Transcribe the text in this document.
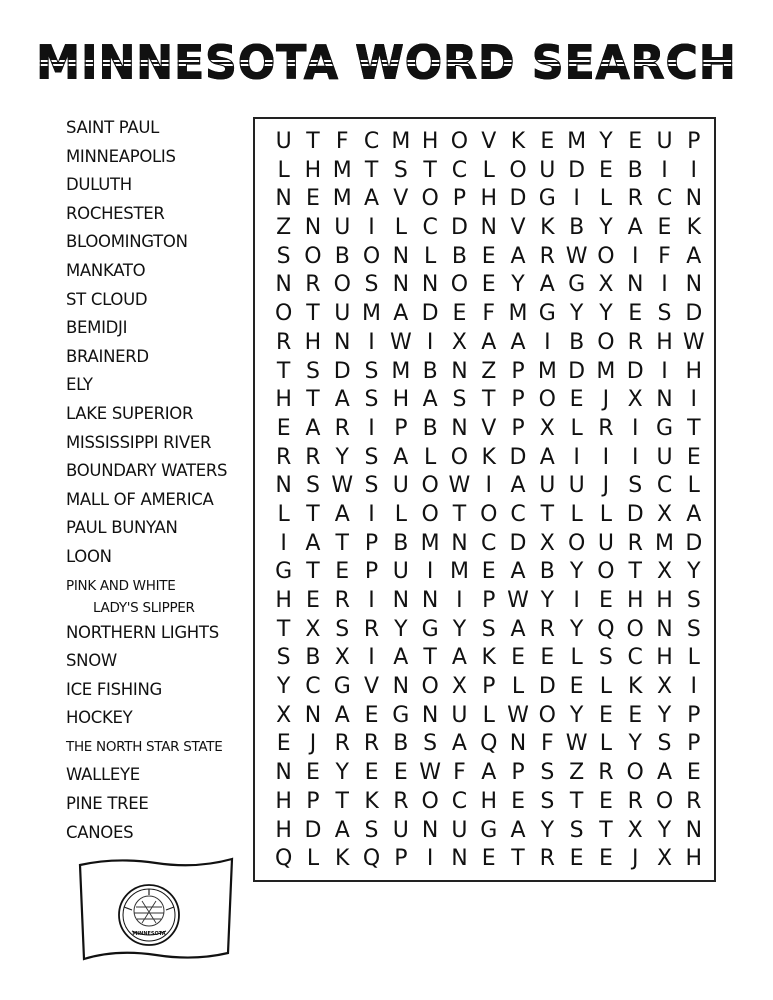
MINNESOTA WORD SEARCH
SAINT PAUL
MINNEAPOLIS
DULUTH
ROCHESTER
BLOOMINGTON
MANKATO
ST CLOUD
BEMIDJI
BRAINERD
ELY
LAKE SUPERIOR
MISSISSIPPI RIVER
BOUNDARY WATERS
MALL OF AMERICA
PAUL BUNYAN
LOON
PINK AND WHITE
LADY'S SLIPPER
NORTHERN LIGHTS
SNOW
ICE FISHING
HOCKEY
THE NORTH STAR STATE
WALLEYE
PINE TREE
CANOES
U T F C M H O V K E M Y E U P
L H M T S T C L O U D E B I	I
N E M A V O P H D G I L R C N
Z N U I L C D N V K B Y A E K
S O B O N L B E A R W O I F A
N R O S N N O E Y A G X N I N
O T U M A D E F M G Y Y E S D
R H N I W I X A A I B O R H W
T S D S M B N Z P M D M D I H
H T A S H A S T P O E J X N I
E A R I P B N V P X L R I G T
R R Y S A L O K D A I	I	I U E
N S W S U O W I A U U J S C L
L T A I L O T O C T L L D X A
I A T P B M N C D X O U R M D
G T E P U I M E A B Y O T X Y
H E R I N N I P W Y I E H H S
T X S R Y G Y S A R Y Q O N S
S B X I A T A K E E L S C H L
Y C G V N O X P L D E L K X I
X N A E G N U L W O Y E E Y P
E J R R B S A Q N F W L Y S P
N E Y E E W F A P S Z R O A E
H P T K R O C H E S T E R O R
H D A S U N U G A Y S T X Y N
Q L K Q P I N E T R E E J X H
MINNESOTA
